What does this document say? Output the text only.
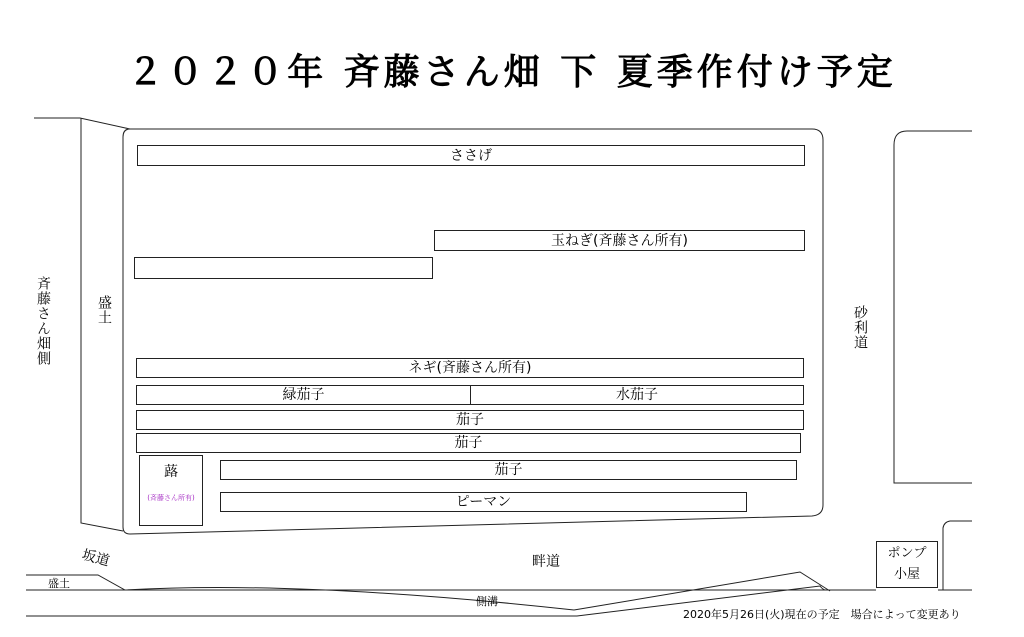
２０２０年 斉藤さん畑 下 夏季作付け予定
ささげ
玉ねぎ(斉藤さん所有)
ネギ(斉藤さん所有)
緑茄子	水茄子
茄子
茄子
茄子
ピーマン
蕗
(斉藤さん所有)
斉藤さん畑側	盛土	砂利道
坂道	畔道
盛土
側溝
ポンプ
小屋
2020年5月26日(火)現在の予定　場合によって変更あり
